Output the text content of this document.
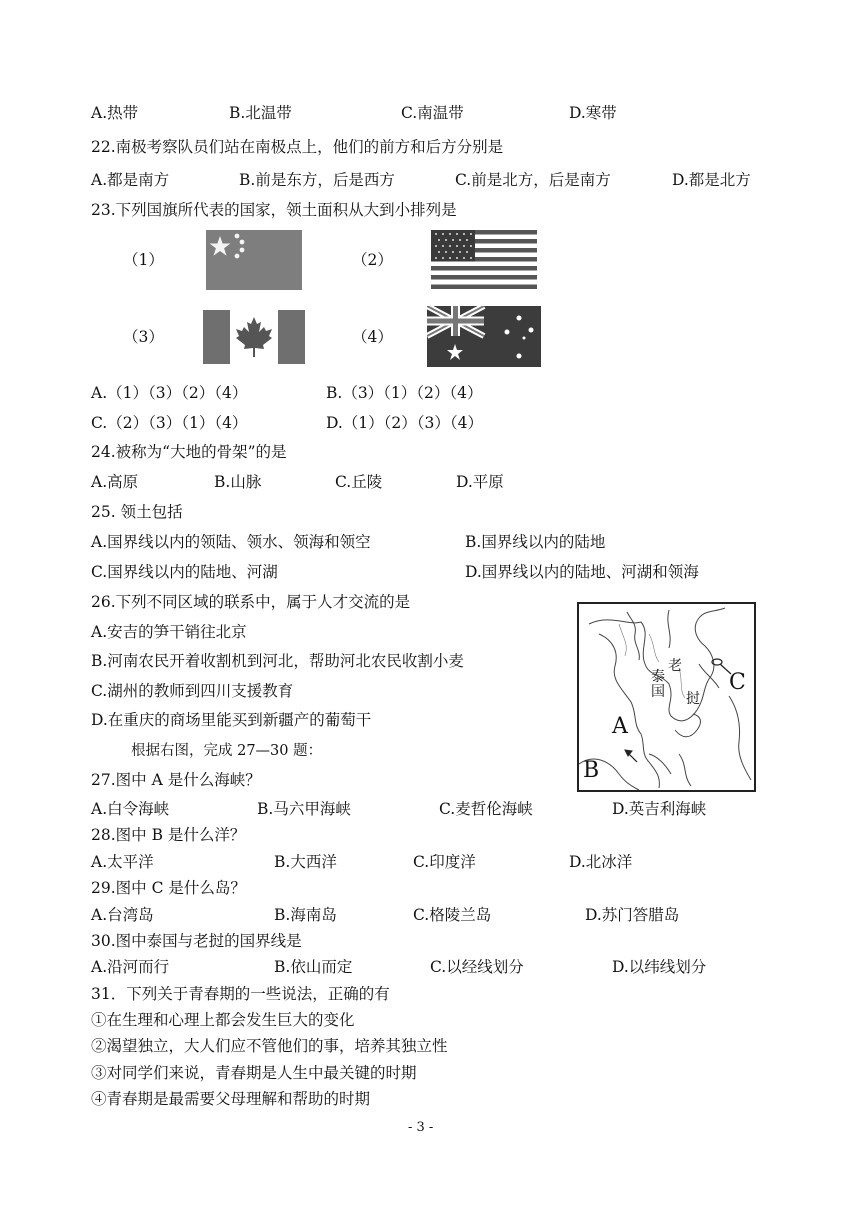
A.热带	B.北温带	C.南温带	D.寒带
22.南极考察队员们站在南极点上，他们的前方和后方分别是
A.都是南方	B.前是东方，后是西方	C.前是北方，后是南方	D.都是北方
23.下列国旗所代表的国家，领土面积从大到小排列是
（1）	（2）
（3）	（4）
A.（1）（3）（2）（4）	B.（3）（1）（2）（4）
C.（2）（3）（1）（4）	D.（1）（2）（3）（4）
24.被称为“大地的骨架”的是
A.高原	B.山脉	C.丘陵	D.平原
25. 领土包括
A.国界线以内的领陆、领水、领海和领空	B.国界线以内的陆地
C.国界线以内的陆地、河湖	D.国界线以内的陆地、河湖和领海
26.下列不同区域的联系中，属于人才交流的是
A.安吉的笋干销往北京
B.河南农民开着收割机到河北，帮助河北农民收割小麦
C.湖州的教师到四川支援教育
D.在重庆的商场里能买到新疆产的葡萄干	A
B
C
泰国
老
挝
根据右图，完成 27—30 题：
27.图中 A 是什么海峡？
A.白令海峡	B.马六甲海峡	C.麦哲伦海峡	D.英吉利海峡
28.图中 B 是什么洋？
A.太平洋	B.大西洋	C.印度洋	D.北冰洋
29.图中 C 是什么岛？
A.台湾岛	B.海南岛	C.格陵兰岛	D.苏门答腊岛
30.图中泰国与老挝的国界线是
A.沿河而行	B.依山而定	C.以经线划分	D.以纬线划分
31．下列关于青春期的一些说法，正确的有
①在生理和心理上都会发生巨大的变化
②渴望独立，大人们应不管他们的事，培养其独立性
③对同学们来说，青春期是人生中最关键的时期
④青春期是最需要父母理解和帮助的时期
- 3 -
